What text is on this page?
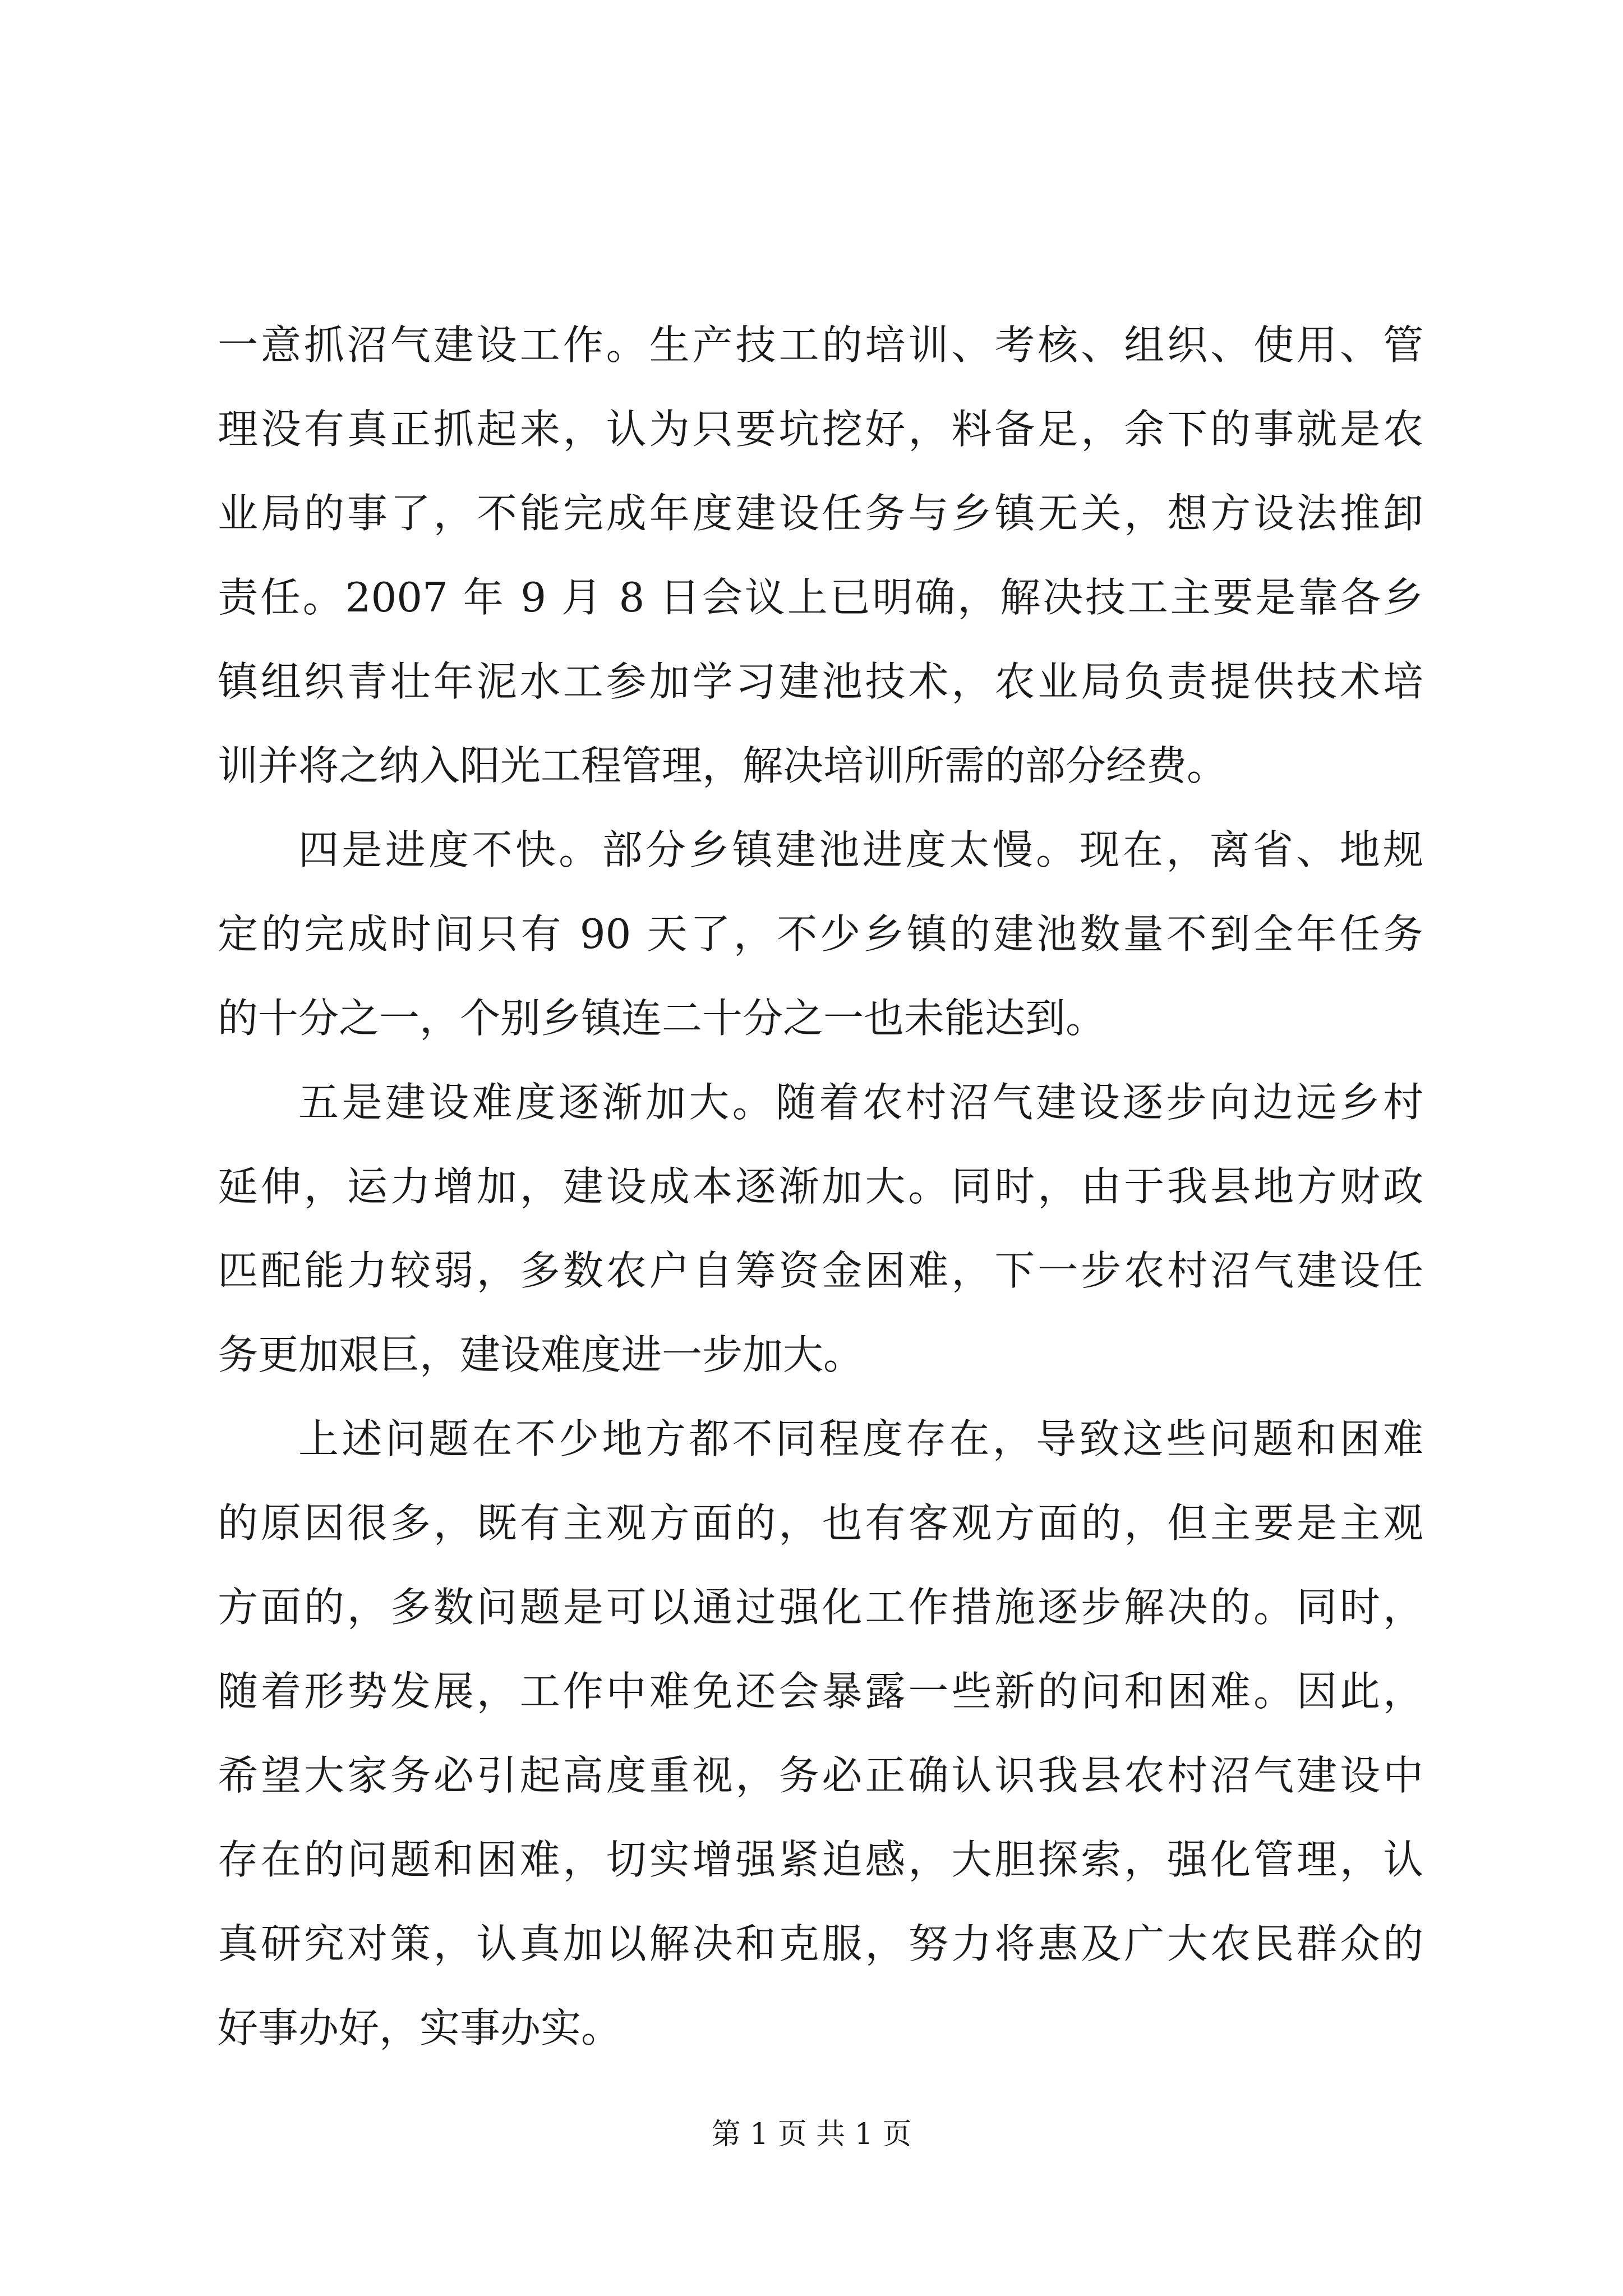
一意抓沼气建设工作。生产技工的培训、考核、组织、使用、管
理没有真正抓起来，认为只要坑挖好，料备足，余下的事就是农
业局的事了，不能完成年度建设任务与乡镇无关，想方设法推卸
责任。2007 年 9 月 8 日会议上已明确，解决技工主要是靠各乡
镇组织青壮年泥水工参加学习建池技术，农业局负责提供技术培
训并将之纳入阳光工程管理，解决培训所需的部分经费。
四是进度不快。部分乡镇建池进度太慢。现在，离省、地规
定的完成时间只有 90 天了，不少乡镇的建池数量不到全年任务
的十分之一，个别乡镇连二十分之一也未能达到。
五是建设难度逐渐加大。随着农村沼气建设逐步向边远乡村
延伸，运力增加，建设成本逐渐加大。同时，由于我县地方财政
匹配能力较弱，多数农户自筹资金困难，下一步农村沼气建设任
务更加艰巨，建设难度进一步加大。
上述问题在不少地方都不同程度存在，导致这些问题和困难
的原因很多，既有主观方面的，也有客观方面的，但主要是主观
方面的，多数问题是可以通过强化工作措施逐步解决的。同时，
随着形势发展，工作中难免还会暴露一些新的问和困难。因此，
希望大家务必引起高度重视，务必正确认识我县农村沼气建设中
存在的问题和困难，切实增强紧迫感，大胆探索，强化管理，认
真研究对策，认真加以解决和克服，努力将惠及广大农民群众的
好事办好，实事办实。
第 1 页 共 1 页
